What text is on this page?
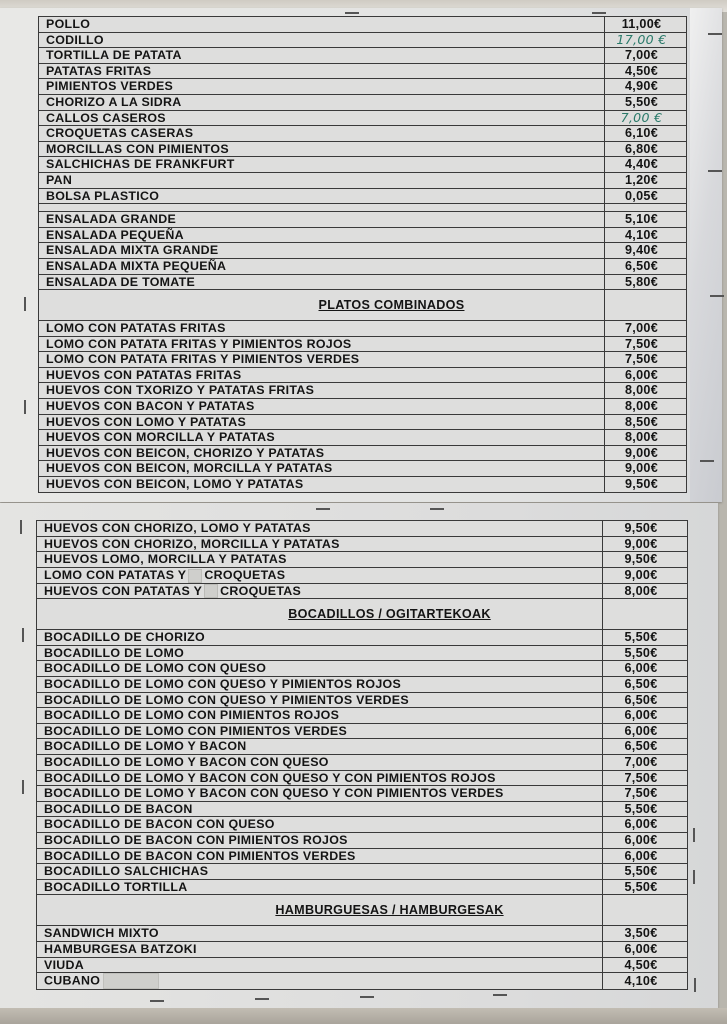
POLLO	11,00€
CODILLO	17,00 €
TORTILLA DE PATATA	7,00€
PATATAS FRITAS	4,50€
PIMIENTOS VERDES	4,90€
CHORIZO A LA SIDRA	5,50€
CALLOS CASEROS	7,00 €
CROQUETAS CASERAS	6,10€
MORCILLAS CON PIMIENTOS	6,80€
SALCHICHAS DE FRANKFURT	4,40€
PAN	1,20€
BOLSA PLASTICO	0,05€

ENSALADA GRANDE	5,10€
ENSALADA PEQUEÑA	4,10€
ENSALADA MIXTA GRANDE	9,40€
ENSALADA MIXTA PEQUEÑA	6,50€
ENSALADA DE TOMATE	5,80€
PLATOS COMBINADOS	
LOMO CON PATATAS FRITAS	7,00€
LOMO CON PATATA FRITAS Y PIMIENTOS ROJOS	7,50€
LOMO CON PATATA FRITAS Y PIMIENTOS VERDES	7,50€
HUEVOS CON PATATAS FRITAS	6,00€
HUEVOS CON TXORIZO Y PATATAS FRITAS	8,00€
HUEVOS CON BACON Y PATATAS	8,00€
HUEVOS CON LOMO Y PATATAS	8,50€
HUEVOS CON MORCILLA Y PATATAS	8,00€
HUEVOS CON BEICON, CHORIZO Y PATATAS	9,00€
HUEVOS CON BEICON, MORCILLA Y PATATAS	9,00€
HUEVOS CON BEICON, LOMO Y PATATAS	9,50€
HUEVOS CON CHORIZO, LOMO Y PATATAS	9,50€
HUEVOS CON CHORIZO, MORCILLA Y PATATAS	9,00€
HUEVOS LOMO, MORCILLA Y PATATAS	9,50€
LOMO CON PATATAS Y CROQUETAS	9,00€
HUEVOS CON PATATAS Y CROQUETAS	8,00€
BOCADILLOS / OGITARTEKOAK	
BOCADILLO DE CHORIZO	5,50€
BOCADILLO DE LOMO	5,50€
BOCADILLO DE LOMO CON QUESO	6,00€
BOCADILLO DE LOMO CON QUESO Y PIMIENTOS ROJOS	6,50€
BOCADILLO DE LOMO CON QUESO Y PIMIENTOS VERDES	6,50€
BOCADILLO DE LOMO CON PIMIENTOS ROJOS	6,00€
BOCADILLO DE LOMO CON PIMIENTOS VERDES	6,00€
BOCADILLO DE LOMO Y BACON	6,50€
BOCADILLO DE LOMO Y BACON CON QUESO	7,00€
BOCADILLO DE LOMO Y BACON CON QUESO Y CON PIMIENTOS ROJOS	7,50€
BOCADILLO DE LOMO Y BACON CON QUESO Y CON PIMIENTOS VERDES	7,50€
BOCADILLO DE BACON	5,50€
BOCADILLO DE BACON CON QUESO	6,00€
BOCADILLO DE BACON CON PIMIENTOS ROJOS	6,00€
BOCADILLO DE BACON CON PIMIENTOS VERDES	6,00€
BOCADILLO SALCHICHAS	5,50€
BOCADILLO TORTILLA	5,50€
HAMBURGUESAS / HAMBURGESAK	
SANDWICH MIXTO	3,50€
HAMBURGESA BATZOKI	6,00€
VIUDA	4,50€
CUBANO	4,10€
